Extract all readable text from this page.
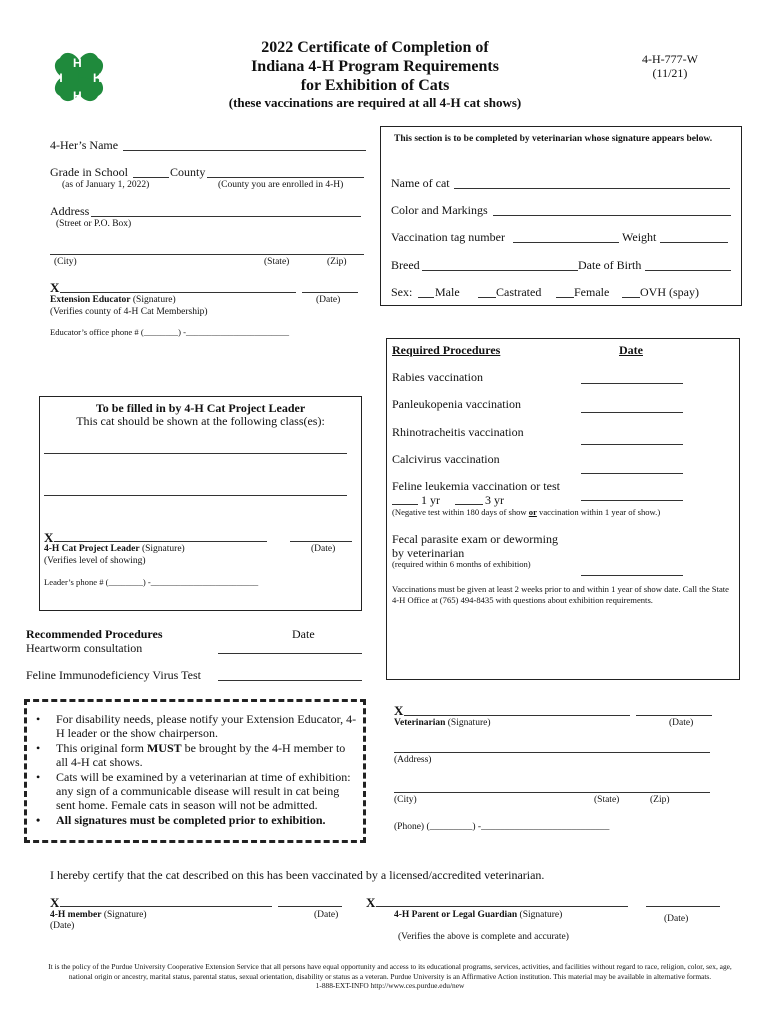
H
H
H
H
2022 Certificate of Completion of
Indiana 4-H Program Requirements
for Exhibition of Cats
(these vaccinations are required at all 4-H cat shows)
4-H-777-W
(11/21)
4-Her’s Name
Grade in School	County
(as of January 1, 2022)	(County you are enrolled in 4-H)
Address
(Street or P.O. Box)
(City)	(State)	(Zip)
X
Extension Educator (Signature)	(Date)
(Verifies county of 4-H Cat Membership)
Educator’s office phone # (________) -________________________
To be filled in by 4-H Cat Project Leader
This cat should be shown at the following class(es):
X
4-H Cat Project Leader (Signature)	(Date)
(Verifies level of showing)
Leader’s phone # (________) -_________________________
Recommended Procedures	Date
Heartworm consultation
Feline Immunodeficiency Virus Test
• For disability needs, please notify your Extension Educator, 4-H leader or the show chairperson.
• This original form MUST be brought by the 4-H member to all 4-H cat shows.
• Cats will be examined by a veterinarian at time of exhibition: any sign of a communicable disease will result in cat being sent home. Female cats in season will not be admitted.
• All signatures must be completed prior to exhibition.
This section is to be completed by veterinarian whose signature appears below.
Name of cat
Color and Markings
Vaccination tag number	Weight
Breed	Date of Birth
Sex: Male	Castrated	Female	OVH (spay)
Required Procedures	Date
Rabies vaccination
Panleukopenia vaccination
Rhinotracheitis vaccination
Calcivirus vaccination
Feline leukemia vaccination or test
1 yr	3 yr
(Negative test within 180 days of show or vaccination within 1 year of show.)
Fecal parasite exam or deworming
by veterinarian
(required within 6 months of exhibition)
Vaccinations must be given at least 2 weeks prior to and within 1 year of show date. Call the State 4-H Office at (765) 494-8435 with questions about exhibition requirements.
X
Veterinarian (Signature)	(Date)
(Address)
(City)	(State)	(Zip)
(Phone) (_________) -___________________________
I hereby certify that the cat described on this has been vaccinated by a licensed/accredited veterinarian.
X
4-H member (Signature)	(Date)
(Date)
X
4-H Parent or Legal Guardian (Signature)	(Date)
(Verifies the above is complete and accurate)
It is the policy of the Purdue University Cooperative Extension Service that all persons have equal opportunity and access to its educational programs, services, activities, and facilities without regard to race, religion, color, sex, age, national origin or ancestry, marital status, parental status, sexual orientation, disability or status as a veteran. Purdue University is an Affirmative Action institution. This material may be available in alternative formats.
1-888-EXT-INFO http://www.ces.purdue.edu/new
